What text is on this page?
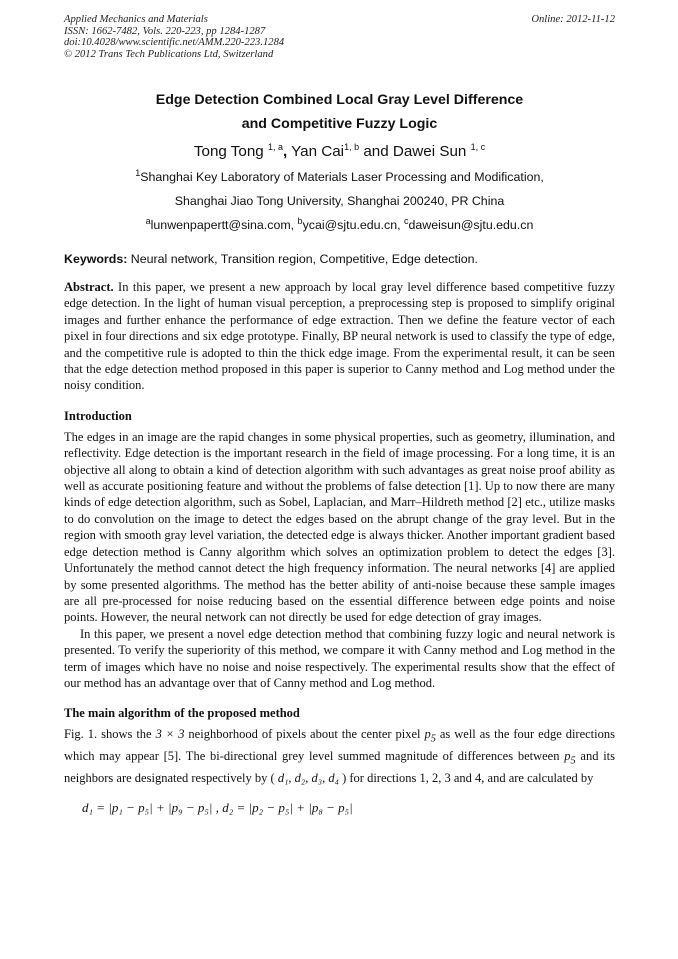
Applied Mechanics and Materials
ISSN: 1662-7482, Vols. 220-223, pp 1284-1287
doi:10.4028/www.scientific.net/AMM.220-223.1284
© 2012 Trans Tech Publications Ltd, Switzerland
Online: 2012-11-12
Edge Detection Combined Local Gray Level Difference
and Competitive Fuzzy Logic
Tong Tong $^{1, a}$, Yan Cai$^{1, b}$ and Dawei Sun $^{1, c}$
$^1$Shanghai Key Laboratory of Materials Laser Processing and Modification,
Shanghai Jiao Tong University, Shanghai 200240, PR China
$^a$lunwenpapertt@sina.com, $^b$ycai@sjtu.edu.cn, $^c$daweisun@sjtu.edu.cn
Keywords: Neural network, Transition region, Competitive, Edge detection.
Abstract. In this paper, we present a new approach by local gray level difference based competitive fuzzy edge detection. In the light of human visual perception, a preprocessing step is proposed to simplify original images and further enhance the performance of edge extraction. Then we define the feature vector of each pixel in four directions and six edge prototype. Finally, BP neural network is used to classify the type of edge, and the competitive rule is adopted to thin the thick edge image. From the experimental result, it can be seen that the edge detection method proposed in this paper is superior to Canny method and Log method under the noisy condition.
Introduction

The edges in an image are the rapid changes in some physical properties, such as geometry, illumination, and reflectivity. Edge detection is the important research in the field of image processing. For a long time, it is an objective all along to obtain a kind of detection algorithm with such advantages as great noise proof ability as well as accurate positioning feature and without the problems of false detection [1]. Up to now there are many kinds of edge detection algorithm, such as Sobel, Laplacian, and Marr–Hildreth method [2] etc., utilize masks to do convolution on the image to detect the edges based on the abrupt change of the gray level. But in the region with smooth gray level variation, the detected edge is always thicker. Another important gradient based edge detection method is Canny algorithm which solves an optimization problem to detect the edges [3]. Unfortunately the method cannot detect the high frequency information. The neural networks [4] are applied by some presented algorithms. The method has the better ability of anti-noise because these sample images are all pre-processed for noise reducing based on the essential difference between edge points and noise points. However, the neural network can not directly be used for edge detection of gray images.

In this paper, we present a novel edge detection method that combining fuzzy logic and neural network is presented. To verify the superiority of this method, we compare it with Canny method and Log method in the term of images which have no noise and noise respectively. The experimental results show that the effect of our method has an advantage over that of Canny method and Log method.

The main algorithm of the proposed method

Fig. 1. shows the 3 × 3 neighborhood of pixels about the center pixel $p_5$ as well as the four edge directions which may appear [5]. The bi-directional grey level summed magnitude of differences between $p_5$ and its neighbors are designated respectively by ( d₁, d₂, d₃, d₄ ) for directions 1, 2, 3 and 4, and are calculated by

d₁ = |p₁ − p₅| + |p₉ − p₅| , d₂ = |p₂ − p₅| + |p₈ − p₅|
